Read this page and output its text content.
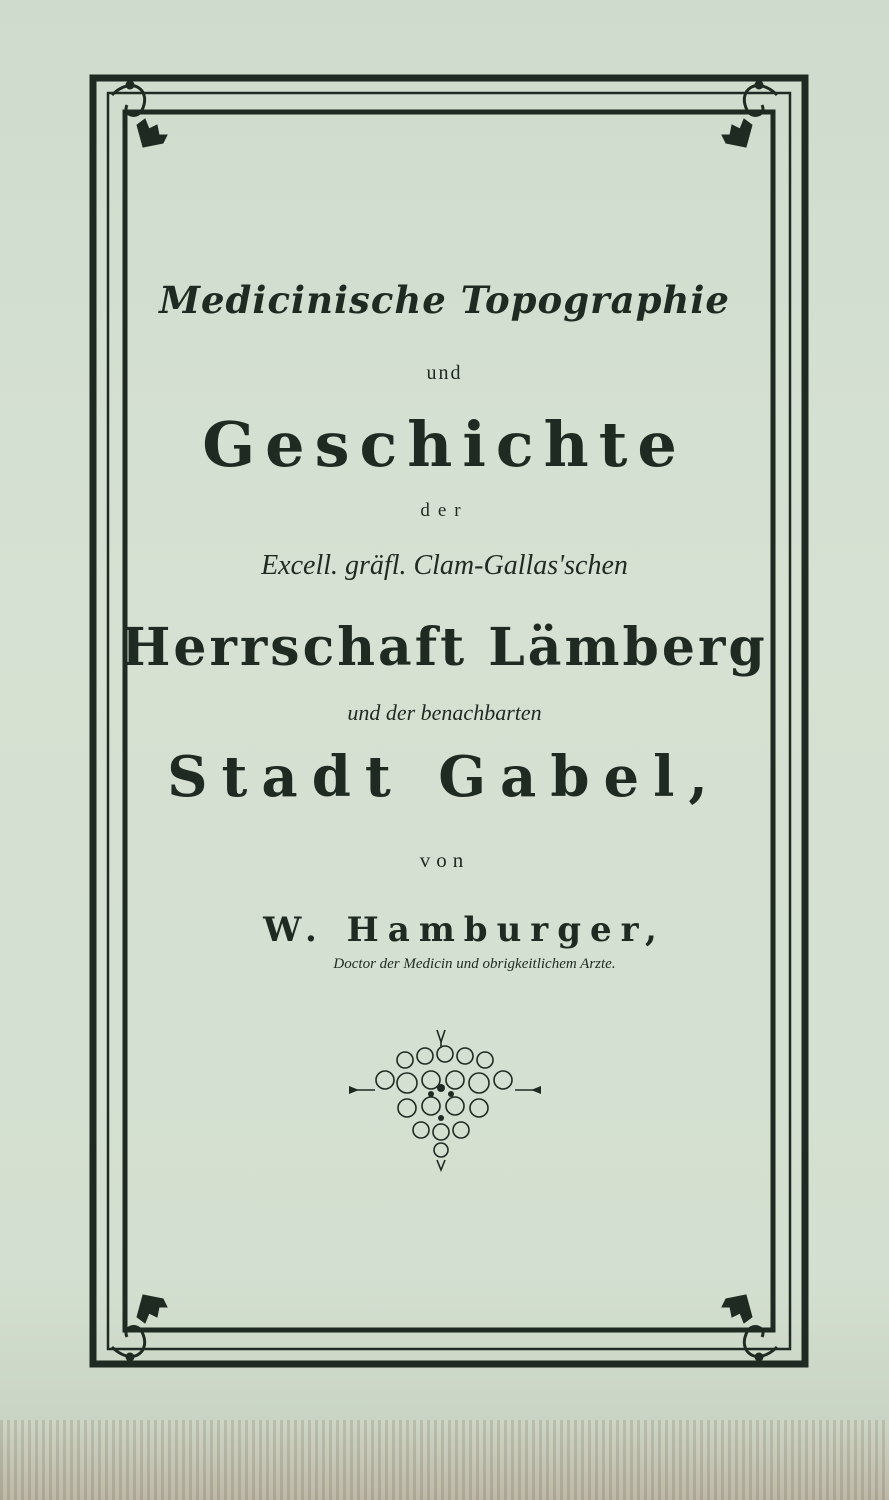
Medicinische Topographie
und
Geschichte
der
Excell. gräfl. Clam-Gallas'schen
Herrschaft Lämberg
und der benachbarten
Stadt Gabel,
von
W. Hamburger,
Doctor der Medicin und obrigkeitlichem Arzte.
